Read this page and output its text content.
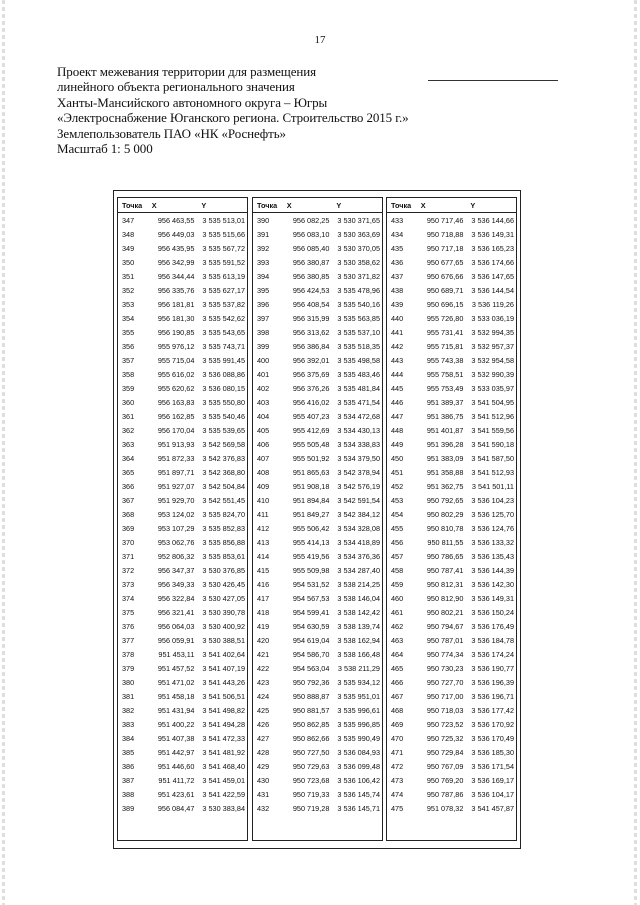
17
Проект межевания территории для размещения
линейного объекта регионального значения
Ханты-Мансийского автономного округа – Югры
«Электроснабжение Юганского региона. Строительство 2015 г.»
Землепользователь ПАО «НК «Роснефть»
Масштаб 1: 5 000
Точка	X	Y
347	956 463,55	3 535 513,01
348	956 449,03	3 535 515,66
349	956 435,95	3 535 567,72
350	956 342,99	3 535 591,52
351	956 344,44	3 535 613,19
352	956 335,76	3 535 627,17
353	956 181,81	3 535 537,82
354	956 181,30	3 535 542,62
355	956 190,85	3 535 543,65
356	955 976,12	3 535 743,71
357	955 715,04	3 535 991,45
358	955 616,02	3 536 088,86
359	955 620,62	3 536 080,15
360	956 163,83	3 535 550,80
361	956 162,85	3 535 540,46
362	956 170,04	3 535 539,65
363	951 913,93	3 542 569,58
364	951 872,33	3 542 376,83
365	951 897,71	3 542 368,80
366	951 927,07	3 542 504,84
367	951 929,70	3 542 551,45
368	953 124,02	3 535 824,70
369	953 107,29	3 535 852,83
370	953 062,76	3 535 856,88
371	952 806,32	3 535 853,61
372	956 347,37	3 530 376,85
373	956 349,33	3 530 426,45
374	956 322,84	3 530 427,05
375	956 321,41	3 530 390,78
376	956 064,03	3 530 400,92
377	956 059,91	3 530 388,51
378	951 453,11	3 541 402,64
379	951 457,52	3 541 407,19
380	951 471,02	3 541 443,26
381	951 458,18	3 541 506,51
382	951 431,94	3 541 498,82
383	951 400,22	3 541 494,28
384	951 407,38	3 541 472,33
385	951 442,97	3 541 481,92
386	951 446,60	3 541 468,40
387	951 411,72	3 541 459,01
388	951 423,61	3 541 422,59
389	956 084,47	3 530 383,84
Точка	X	Y
390	956 082,25	3 530 371,65
391	956 083,10	3 530 363,69
392	956 085,40	3 530 370,05
393	956 380,87	3 530 358,62
394	956 380,85	3 530 371,82
395	956 424,53	3 535 478,96
396	956 408,54	3 535 540,16
397	956 315,99	3 535 563,85
398	956 313,62	3 535 537,10
399	956 386,84	3 535 518,35
400	956 392,01	3 535 498,58
401	956 375,69	3 535 483,46
402	956 376,26	3 535 481,84
403	956 416,02	3 535 471,54
404	955 407,23	3 534 472,68
405	955 412,69	3 534 430,13
406	955 505,48	3 534 338,83
407	955 501,92	3 534 379,50
408	951 865,63	3 542 378,94
409	951 908,18	3 542 576,19
410	951 894,84	3 542 591,54
411	951 849,27	3 542 384,12
412	955 506,42	3 534 328,08
413	955 414,13	3 534 418,89
414	955 419,56	3 534 376,36
415	955 509,98	3 534 287,40
416	954 531,52	3 538 214,25
417	954 567,53	3 538 146,04
418	954 599,41	3 538 142,42
419	954 630,59	3 538 139,74
420	954 619,04	3 538 162,94
421	954 586,70	3 538 166,48
422	954 563,04	3 538 211,29
423	950 792,36	3 535 934,12
424	950 888,87	3 535 951,01
425	950 881,57	3 535 996,61
426	950 862,85	3 535 996,85
427	950 862,66	3 535 990,49
428	950 727,50	3 536 084,93
429	950 729,63	3 536 099,48
430	950 723,68	3 536 106,42
431	950 719,33	3 536 145,74
432	950 719,28	3 536 145,71
Точка	X	Y
433	950 717,46	3 536 144,66
434	950 718,88	3 536 149,31
435	950 717,18	3 536 165,23
436	950 677,65	3 536 174,66
437	950 676,66	3 536 147,65
438	950 689,71	3 536 144,54
439	950 696,15	3 536 119,26
440	955 726,80	3 533 036,19
441	955 731,41	3 532 994,35
442	955 715,81	3 532 957,37
443	955 743,38	3 532 954,58
444	955 758,51	3 532 990,39
445	955 753,49	3 533 035,97
446	951 389,37	3 541 504,95
447	951 386,75	3 541 512,96
448	951 401,87	3 541 559,56
449	951 396,28	3 541 590,18
450	951 383,09	3 541 587,50
451	951 358,88	3 541 512,93
452	951 362,75	3 541 501,11
453	950 792,65	3 536 104,23
454	950 802,29	3 536 125,70
455	950 810,78	3 536 124,76
456	950 811,55	3 536 133,32
457	950 786,65	3 536 135,43
458	950 787,41	3 536 144,39
459	950 812,31	3 536 142,30
460	950 812,90	3 536 149,31
461	950 802,21	3 536 150,24
462	950 794,67	3 536 176,49
463	950 787,01	3 536 184,78
464	950 774,34	3 536 174,24
465	950 730,23	3 536 190,77
466	950 727,70	3 536 196,39
467	950 717,00	3 536 196,71
468	950 718,03	3 536 177,42
469	950 723,52	3 536 170,92
470	950 725,32	3 536 170,49
471	950 729,84	3 536 185,30
472	950 767,09	3 536 171,54
473	950 769,20	3 536 169,17
474	950 787,86	3 536 104,17
475	951 078,32	3 541 457,87
